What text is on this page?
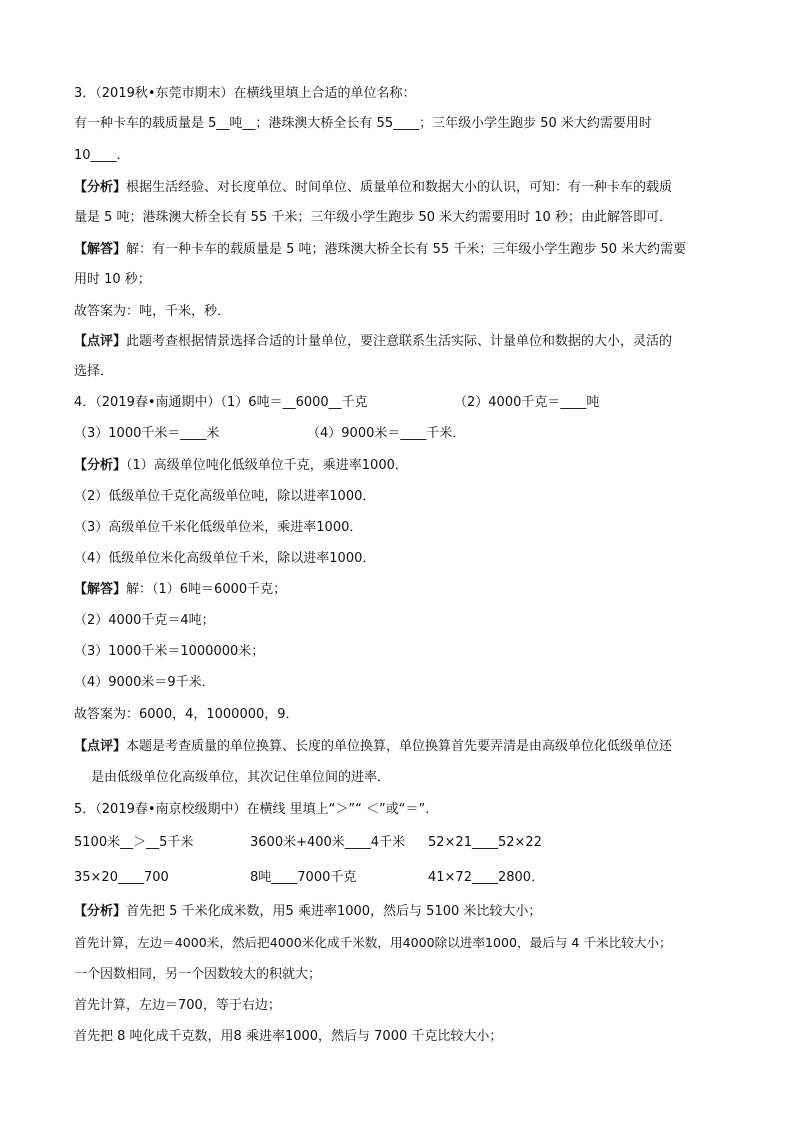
3．（2019秋•东莞市期末）在横线里填上合适的单位名称：
有一种卡车的载质量是 5__吨__；港珠澳大桥全长有 55____；三年级小学生跑步 50 米大约需要用时
10____．
【分析】根据生活经验、对长度单位、时间单位、质量单位和数据大小的认识，可知：有一种卡车的载质
量是 5 吨；港珠澳大桥全长有 55 千米；三年级小学生跑步 50 米大约需要用时 10 秒；由此解答即可．
【解答】解：有一种卡车的载质量是 5 吨；港珠澳大桥全长有 55 千米；三年级小学生跑步 50 米大约需要
用时 10 秒；
故答案为：吨，千米，秒．
【点评】此题考查根据情景选择合适的计量单位，要注意联系生活实际、计量单位和数据的大小，灵活的
选择．
4．（2019春•南通期中）（1）6吨＝__6000__千克	（2）4000千克＝____吨
（3）1000千米＝____米	（4）9000米＝____千米．
【分析】（1）高级单位吨化低级单位千克，乘进率1000．
（2）低级单位千克化高级单位吨，除以进率1000．
（3）高级单位千米化低级单位米，乘进率1000．
（4）低级单位米化高级单位千米，除以进率1000．
【解答】解：（1）6吨＝6000千克；
（2）4000千克＝4吨；
（3）1000千米＝1000000米；
（4）9000米＝9千米．
故答案为：6000，4，1000000，9．
【点评】本题是考查质量的单位换算、长度的单位换算，单位换算首先要弄清是由高级单位化低级单位还
是由低级单位化高级单位，其次记住单位间的进率．
5．（2019春•南京校级期中）在横线 里填上“＞”“ ＜”或“＝”．
5100米__＞__5千米	3600米+400米____4千米 52×21____52×22
35×20____700	8吨____7000千克	41×72____2800．
【分析】首先把 5 千米化成米数，用5 乘进率1000，然后与 5100 米比较大小；
首先计算，左边＝4000米，然后把4000米化成千米数，用4000除以进率1000，最后与 4 千米比较大小；
一个因数相同，另一个因数较大的积就大；
首先计算，左边＝700，等于右边；
首先把 8 吨化成千克数，用8 乘进率1000，然后与 7000 千克比较大小；
